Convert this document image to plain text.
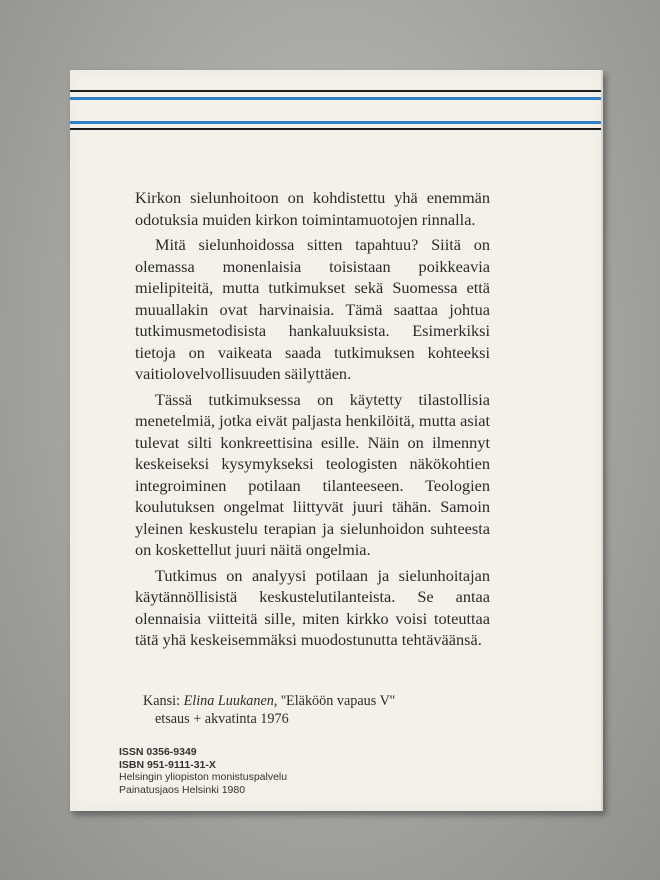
Kirkon sielunhoitoon on kohdistettu yhä enemmän odotuksia muiden kirkon toimintamuotojen rinnalla.

Mitä sielunhoidossa sitten tapahtuu? Siitä on olemassa monenlaisia toisistaan poikkeavia mielipiteitä, mutta tutkimukset sekä Suomessa että muuallakin ovat harvinaisia. Tämä saattaa johtua tutkimusmetodisista hankaluuksista. Esimerkiksi tietoja on vaikeata saada tutkimuksen kohteeksi vaitiolovelvollisuuden säilyttäen.

Tässä tutkimuksessa on käytetty tilastollisia menetelmiä, jotka eivät paljasta henkilöitä, mutta asiat tulevat silti konkreettisina esille. Näin on ilmennyt keskeiseksi kysymykseksi teologisten näkökohtien integroiminen potilaan tilanteeseen. Teologien koulutuksen ongelmat liittyvät juuri tähän. Samoin yleinen keskustelu terapian ja sielunhoidon suhteesta on koskettellut juuri näitä ongelmia.

Tutkimus on analyysi potilaan ja sielunhoitajan käytännöllisistä keskustelutilanteista. Se antaa olennaisia viitteitä sille, miten kirkko voisi toteuttaa tätä yhä keskeisemmäksi muodostunutta tehtäväänsä.

Kansi: Elina Luukanen, ''Eläköön vapaus V''
etsaus + akvatinta 1976
ISSN 0356-9349
ISBN 951-9111-31-X
Helsingin yliopiston monistuspalvelu
Painatusjaos Helsinki 1980
